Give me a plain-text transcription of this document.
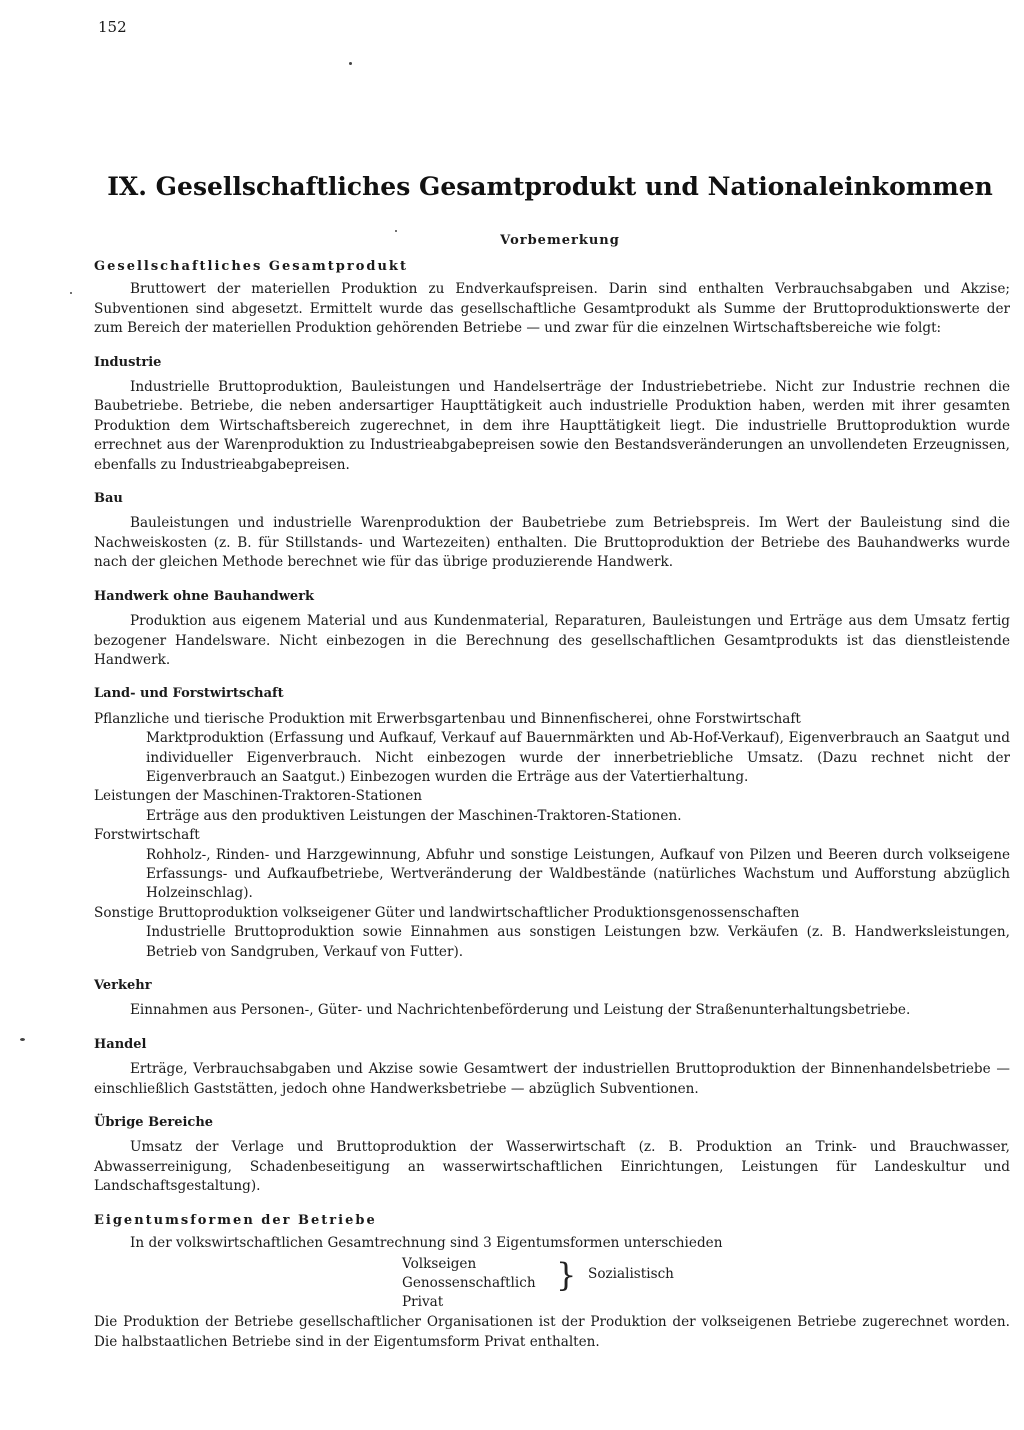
152
IX. Gesellschaftliches Gesamtprodukt und Nationaleinkommen
Vorbemerkung
Gesellschaftliches Gesamtprodukt

Bruttowert der materiellen Produktion zu Endverkaufspreisen. Darin sind enthalten Verbrauchsabgaben und Akzise; Subventionen sind abgesetzt. Ermittelt wurde das gesellschaftliche Gesamtprodukt als Summe der Bruttoproduktionswerte der zum Bereich der materiellen Produktion gehörenden Betriebe — und zwar für die einzelnen Wirtschaftsbereiche wie folgt:

Industrie

Industrielle Bruttoproduktion, Bauleistungen und Handelserträge der Industriebetriebe. Nicht zur Industrie rechnen die Baubetriebe. Betriebe, die neben andersartiger Haupttätigkeit auch industrielle Produktion haben, werden mit ihrer gesamten Produktion dem Wirtschaftsbereich zugerechnet, in dem ihre Haupttätigkeit liegt. Die industrielle Bruttoproduktion wurde errechnet aus der Warenproduktion zu Industrieabgabepreisen sowie den Bestandsveränderungen an unvollendeten Erzeugnissen, ebenfalls zu Industrieabgabepreisen.

Bau

Bauleistungen und industrielle Warenproduktion der Baubetriebe zum Betriebspreis. Im Wert der Bauleistung sind die Nachweiskosten (z. B. für Stillstands- und Wartezeiten) enthalten. Die Bruttoproduktion der Betriebe des Bauhandwerks wurde nach der gleichen Methode berechnet wie für das übrige produzierende Handwerk.

Handwerk ohne Bauhandwerk

Produktion aus eigenem Material und aus Kundenmaterial, Reparaturen, Bauleistungen und Erträge aus dem Umsatz fertig bezogener Handelsware. Nicht einbezogen in die Berechnung des gesellschaftlichen Gesamtprodukts ist das dienstleistende Handwerk.

Land- und Forstwirtschaft

Pflanzliche und tierische Produktion mit Erwerbsgartenbau und Binnenfischerei, ohne Forstwirtschaft

Marktproduktion (Erfassung und Aufkauf, Verkauf auf Bauernmärkten und Ab-Hof-Verkauf), Eigenverbrauch an Saatgut und individueller Eigenverbrauch. Nicht einbezogen wurde der innerbetriebliche Umsatz. (Dazu rechnet nicht der Eigenverbrauch an Saatgut.) Einbezogen wurden die Erträge aus der Vatertierhaltung.

Leistungen der Maschinen-Traktoren-Stationen

Erträge aus den produktiven Leistungen der Maschinen-Traktoren-Stationen.

Forstwirtschaft

Rohholz-, Rinden- und Harzgewinnung, Abfuhr und sonstige Leistungen, Aufkauf von Pilzen und Beeren durch volkseigene Erfassungs- und Aufkaufbetriebe, Wertveränderung der Waldbestände (natürliches Wachstum und Aufforstung abzüglich Holzeinschlag).

Sonstige Bruttoproduktion volkseigener Güter und landwirtschaftlicher Produktionsgenossenschaften

Industrielle Bruttoproduktion sowie Einnahmen aus sonstigen Leistungen bzw. Verkäufen (z. B. Handwerksleistungen, Betrieb von Sandgruben, Verkauf von Futter).

Verkehr

Einnahmen aus Personen-, Güter- und Nachrichtenbeförderung und Leistung der Straßenunterhaltungsbetriebe.

Handel

Erträge, Verbrauchsabgaben und Akzise sowie Gesamtwert der industriellen Bruttoproduktion der Binnenhandelsbetriebe — einschließlich Gaststätten, jedoch ohne Handwerksbetriebe — abzüglich Subventionen.

Übrige Bereiche

Umsatz der Verlage und Bruttoproduktion der Wasserwirtschaft (z. B. Produktion an Trink- und Brauchwasser, Abwasserreinigung, Schadenbeseitigung an wasserwirtschaftlichen Einrichtungen, Leistungen für Landeskultur und Landschaftsgestaltung).

Eigentumsformen der Betriebe

In der volkswirtschaftlichen Gesamtrechnung sind 3 Eigentumsformen unterschieden

Volkseigen
Genossenschaftlich
Privat
} Sozialistisch

Die Produktion der Betriebe gesellschaftlicher Organisationen ist der Produktion der volkseigenen Betriebe zugerechnet worden. Die halbstaatlichen Betriebe sind in der Eigentumsform Privat enthalten.
